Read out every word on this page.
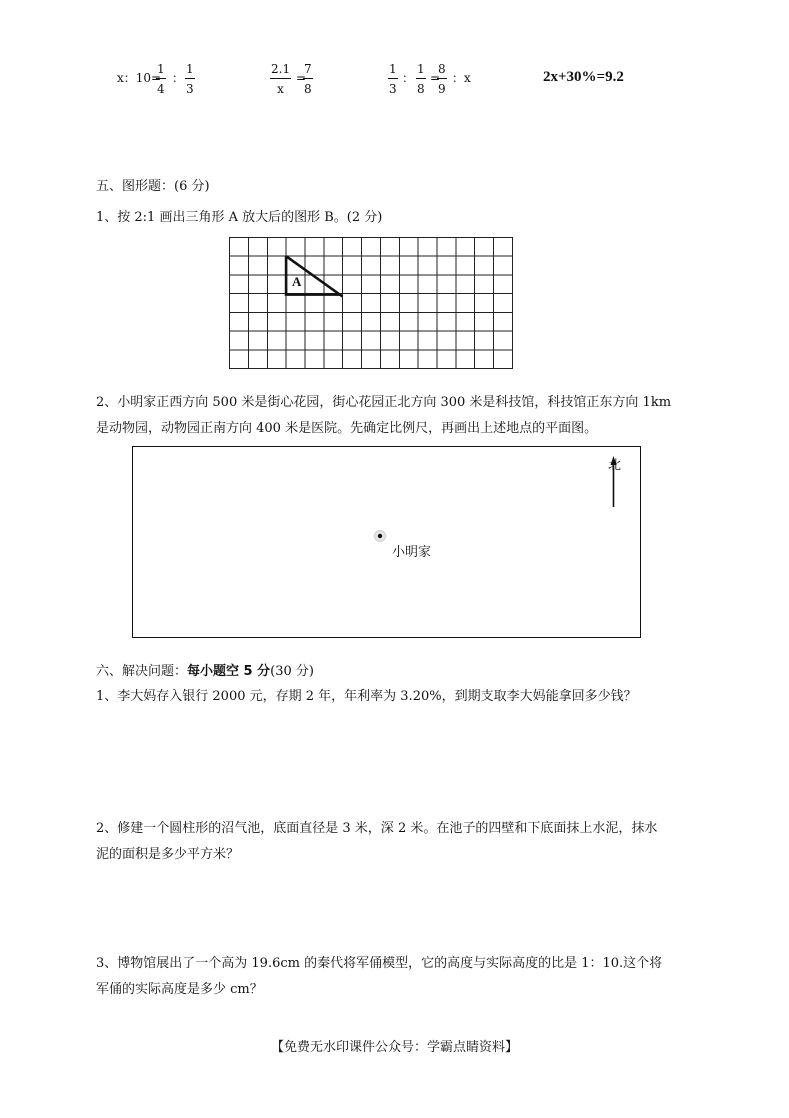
x：10=
$\frac{1}{4}$ ： $\frac{1}{3}$	$\frac{2.1}{x}$ =
$\frac{7}{8}$	$\frac{1}{3}$ ： $\frac{1}{8}$ =
$\frac{8}{9}$ ：x	2x+30%=9.2
五、图形题：(6 分)
1、按 2:1 画出三角形 A 放大后的图形 B。(2 分)
A
2、小明家正西方向 500 米是街心花园，街心花园正北方向 300 米是科技馆，科技馆正东方向 1km
是动物园，动物园正南方向 400 米是医院。先确定比例尺，再画出上述地点的平面图。
北
小明家
六、解决问题：每小题空 5 分(30 分)
1、李大妈存入银行 2000 元，存期 2 年，年利率为 3.20%，到期支取李大妈能拿回多少钱？
2、修建一个圆柱形的沼气池，底面直径是 3 米，深 2 米。在池子的四壁和下底面抹上水泥，抹水
泥的面积是多少平方米？
3、博物馆展出了一个高为 19.6cm 的秦代将军俑模型，它的高度与实际高度的比是 1：10.这个将
军俑的实际高度是多少 cm？
【免费无水印课件公众号：学霸点睛资料】
